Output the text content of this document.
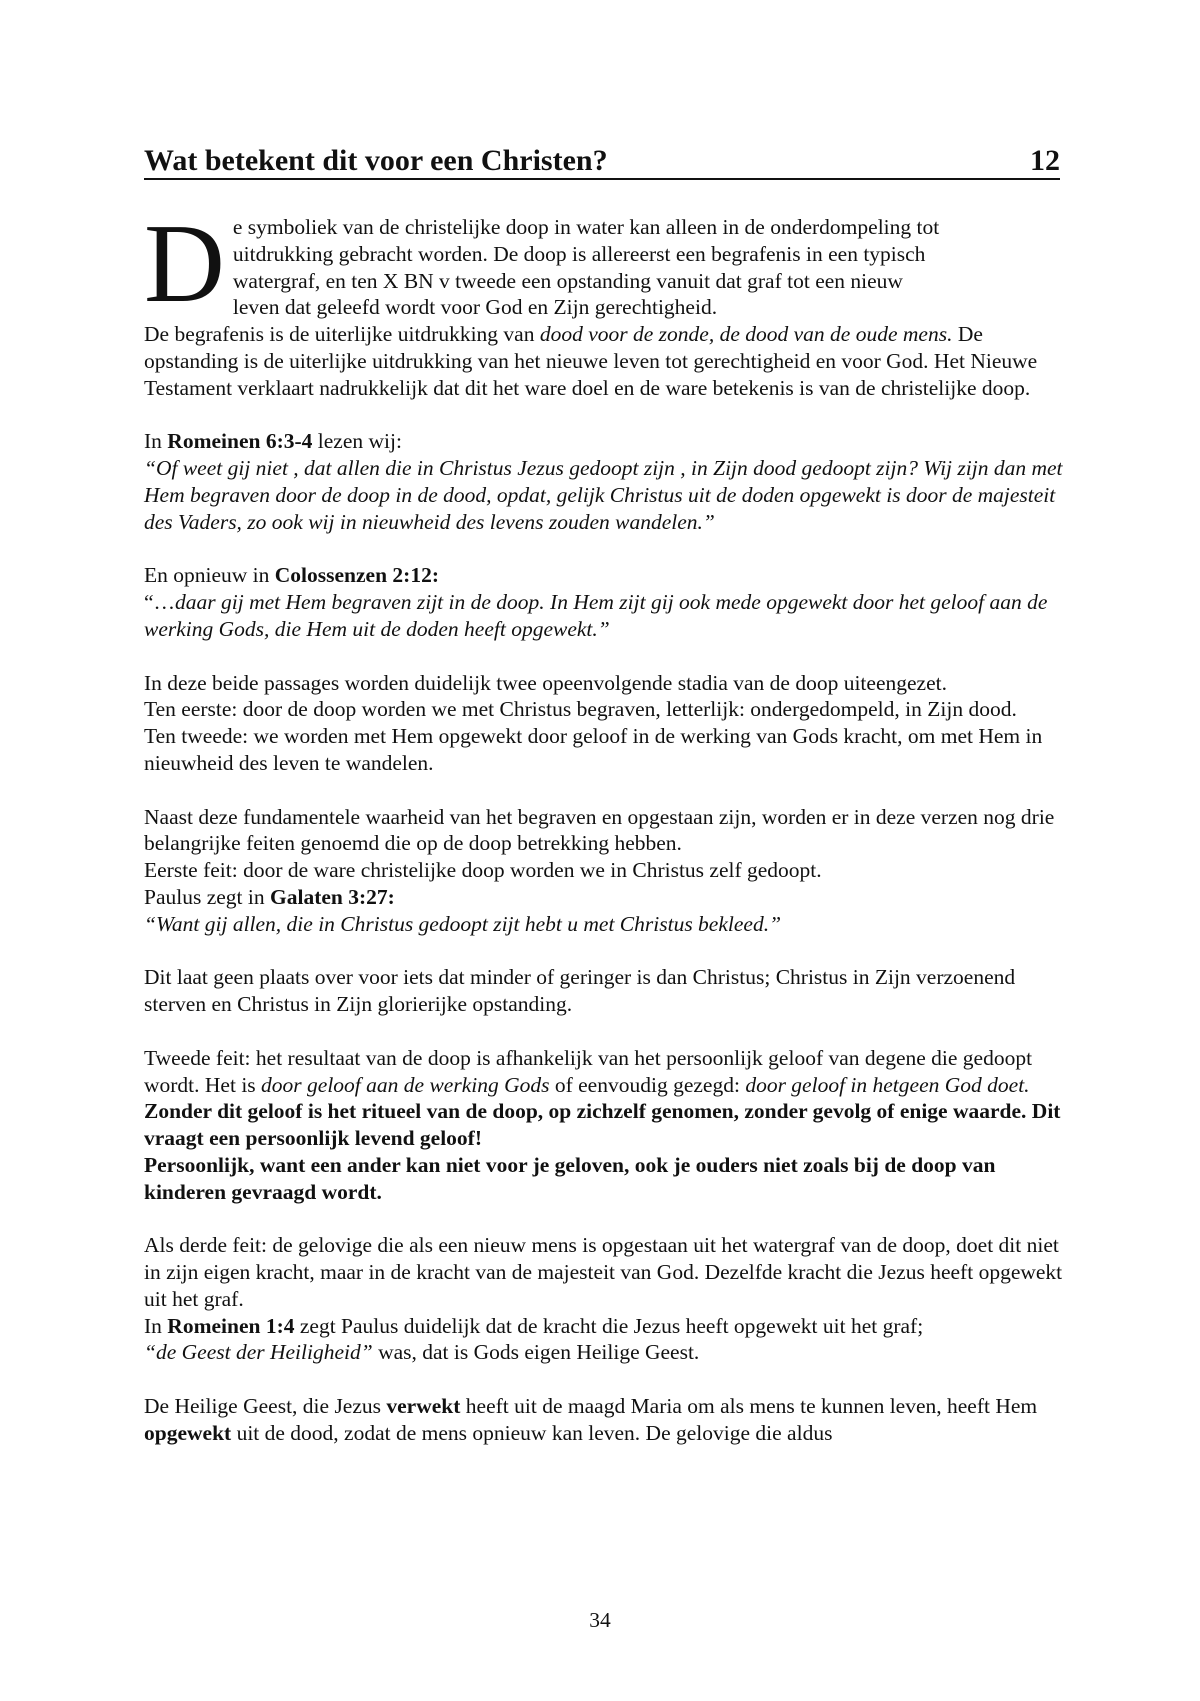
Wat betekent dit voor een Christen?	12

D e symboliek van de christelijke doop in water kan alleen in de onderdompeling tot
uitdrukking gebracht worden. De doop is allereerst een begrafenis in een typisch
watergraf, en ten X BN v tweede een opstanding vanuit dat graf tot een nieuw
leven dat geleefd wordt voor God en Zijn gerechtigheid.

De begrafenis is de uiterlijke uitdrukking van dood voor de zonde, de dood van de oude mens. De opstanding is de uiterlijke uitdrukking van het nieuwe leven tot gerechtigheid en voor God. Het Nieuwe Testament verklaart nadrukkelijk dat dit het ware doel en de ware betekenis is van de christelijke doop.

In Romeinen 6:3-4 lezen wij:

“Of weet gij niet , dat allen die in Christus Jezus gedoopt zijn , in Zijn dood gedoopt zijn? Wij zijn dan met Hem begraven door de doop in de dood, opdat, gelijk Christus uit de doden opgewekt is door de majesteit des Vaders, zo ook wij in nieuwheid des levens zouden wandelen.”

En opnieuw in Colossenzen 2:12:

“…daar gij met Hem begraven zijt in de doop. In Hem zijt gij ook mede opgewekt door het geloof aan de werking Gods, die Hem uit de doden heeft opgewekt.”

In deze beide passages worden duidelijk twee opeenvolgende stadia van de doop uiteengezet.

Ten eerste: door de doop worden we met Christus begraven, letterlijk: ondergedompeld, in Zijn dood.

Ten tweede: we worden met Hem opgewekt door geloof in de werking van Gods kracht, om met Hem in nieuwheid des leven te wandelen.

Naast deze fundamentele waarheid van het begraven en opgestaan zijn, worden er in deze verzen nog drie belangrijke feiten genoemd die op de doop betrekking hebben.

Eerste feit: door de ware christelijke doop worden we in Christus zelf gedoopt.

Paulus zegt in Galaten 3:27:

“Want gij allen, die in Christus gedoopt zijt hebt u met Christus bekleed.”

Dit laat geen plaats over voor iets dat minder of geringer is dan Christus; Christus in Zijn verzoenend sterven en Christus in Zijn glorierijke opstanding.

Tweede feit: het resultaat van de doop is afhankelijk van het persoonlijk geloof van degene die gedoopt wordt. Het is door geloof aan de werking Gods of eenvoudig gezegd: door geloof in hetgeen God doet.

Zonder dit geloof is het ritueel van de doop, op zichzelf genomen, zonder gevolg of enige waarde. Dit vraagt een persoonlijk levend geloof!

Persoonlijk, want een ander kan niet voor je geloven, ook je ouders niet zoals bij de doop van kinderen gevraagd wordt.

Als derde feit: de gelovige die als een nieuw mens is opgestaan uit het watergraf van de doop, doet dit niet in zijn eigen kracht, maar in de kracht van de majesteit van God. Dezelfde kracht die Jezus heeft opgewekt uit het graf.

In Romeinen 1:4 zegt Paulus duidelijk dat de kracht die Jezus heeft opgewekt uit het graf;

“de Geest der Heiligheid” was, dat is Gods eigen Heilige Geest.

De Heilige Geest, die Jezus verwekt heeft uit de maagd Maria om als mens te kunnen leven, heeft Hem opgewekt uit de dood, zodat de mens opnieuw kan leven. De gelovige die aldus

34
